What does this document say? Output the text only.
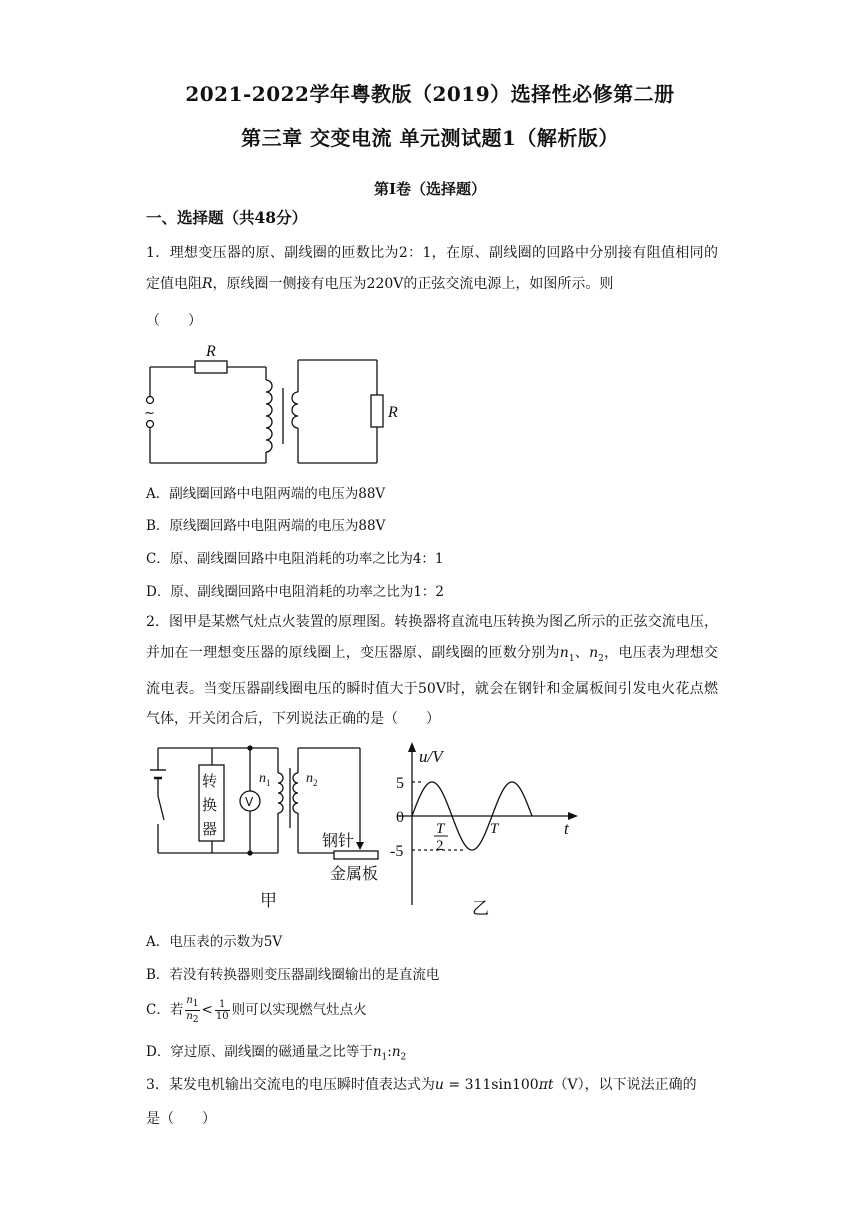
2021-2022学年粤教版（2019）选择性必修第二册
第三章 交变电流 单元测试题1（解析版）
第Ⅰ卷（选择题）
一、选择题（共48分）
1．理想变压器的原、副线圈的匝数比为2：1，在原、副线圈的回路中分别接有阻值相同的定值电阻R，原线圈一侧接有电压为220V的正弦交流电源上，如图所示。则
（　　）
R
R
~
A．副线圈回路中电阻两端的电压为88V
B．原线圈回路中电阻两端的电压为88V
C．原、副线圈回路中电阻消耗的功率之比为4：1
D．原、副线圈回路中电阻消耗的功率之比为1：2
2．图甲是某燃气灶点火装置的原理图。转换器将直流电压转换为图乙所示的正弦交流电压，并加在一理想变压器的原线圈上，变压器原、副线圈的匝数分别为$n_1$、$n_2$，电压表为理想交流电表。当变压器副线圈电压的瞬时值大于50V时，就会在钢针和金属板间引发电火花点燃气体，开关闭合后，下列说法正确的是（　　）
转
换
器
V
n 1	n 2
钢针
金属板
甲
u/V
t
5
0
-5
T
2
T
乙
A．电压表的示数为5V
B．若没有转换器则变压器副线圈输出的是直流电
C．若 $\frac{n_1}{n_2} < \frac{1}{10}$ 则可以实现燃气灶点火
D．穿过原、副线圈的磁通量之比等于$n_1:n_2$
3．某发电机输出交流电的电压瞬时值表达式为u = 311sin100πt（V），以下说法正确的
是（　　）
